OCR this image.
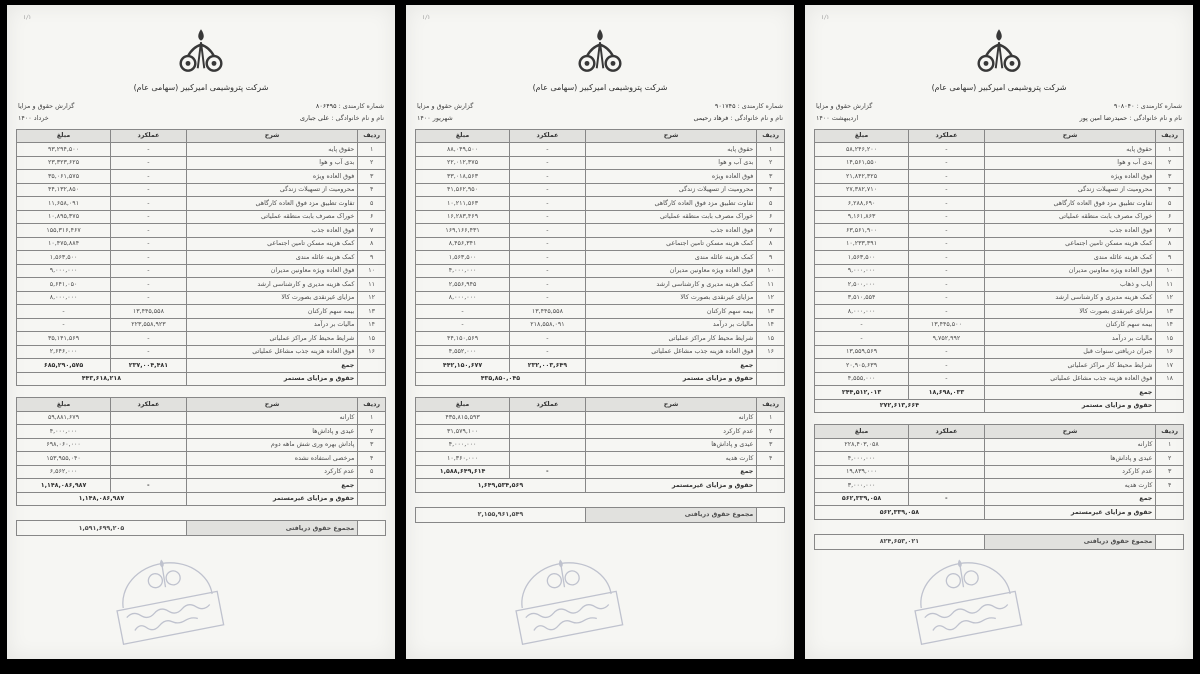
۱/۱
شرکت پتروشیمی امیرکبیر (سهامی عام)
شماره کارمندی : ۸۰۶۴۹۵
نام و نام خانوادگی : علی جباری
گزارش حقوق و مزایا
خرداد ۱۴۰۰
ردیف	شرح	عملکرد	مبلغ
۱	حقوق پایه	-	۹۳,۲۹۴,۵۰۰
۲	بدی آب و هوا	-	۲۳,۳۲۳,۶۲۵
۳	فوق العاده ویژه	-	۳۵,۰۶۱,۵۷۵
۴	محرومیت از تسهیلات زندگی	-	۴۴,۱۳۲,۸۵۰
۵	تفاوت تطبیق مزد فوق العاده کارگاهی	-	۱۱,۶۵۸,۰۹۱
۶	خوراک مصرف بابت منطقه عملیاتی	-	۱۰,۸۹۵,۳۷۵
۷	فوق العاده جذب	-	۱۵۵,۳۱۶,۴۶۷
۸	کمک هزینه مسکن تامین اجتماعی	-	۱۰,۴۷۵,۸۸۴
۹	کمک هزینه عائله مندی	-	۱,۵۶۳,۵۰۰
۱۰	فوق العاده ویژه معاونین مدیران	-	۹,۰۰۰,۰۰۰
۱۱	کمک هزینه مدیری و کارشناسی ارشد	-	۵,۶۴۱,۰۵۰
۱۲	مزایای غیرنقدی بصورت کالا	-	۸,۰۰۰,۰۰۰
۱۳	بیمه سهم کارکنان	۱۳,۴۴۵,۵۵۸	-
۱۴	مالیات بر درآمد	۲۲۳,۵۵۸,۹۲۳	-
۱۵	شرایط محیط کار مراکز عملیاتی	-	۳۵,۱۴۱,۵۶۹
۱۶	فوق العاده هزینه جذب مشاغل عملیاتی	-	۲,۶۴۶,۰۰۰
	جمع	۲۳۷,۰۰۴,۴۸۱	۶۸۵,۲۹۰,۵۷۵
	حقوق و مزایای مستمر	۴۴۳,۶۱۸,۲۱۸	
ردیف	شرح	عملکرد	مبلغ
۱	کارانه		۵۹,۸۸۱,۶۷۹
۲	عیدی و پاداش‌ها		۴,۰۰۰,۰۰۰
۳	پاداش بهره وری شش ماهه دوم		۶۹۸,۰۶۰,۰۰۰
۴	مرخصی استفاده نشده		۱۵۳,۹۵۵,۰۴۰
۵	عدم کارکرد		۶,۵۶۲,۰۰۰
	جمع	-	۱,۱۴۸,۰۸۶,۹۸۷
	حقوق و مزایای غیرمستمر	۱,۱۴۸,۰۸۶,۹۸۷	
	مجموع حقوق دریافتی	۱,۵۹۱,۶۹۹,۲۰۵
۱/۱
شرکت پتروشیمی امیرکبیر (سهامی عام)
شماره کارمندی : ۹۰۱۷۴۵
نام و نام خانوادگی : فرهاد رحیمی
گزارش حقوق و مزایا
شهریور ۱۴۰۰
ردیف	شرح	عملکرد	مبلغ
۱	حقوق پایه	-	۸۸,۰۴۹,۵۰۰
۲	بدی آب و هوا	-	۲۲,۰۱۲,۳۷۵
۳	فوق العاده ویژه	-	۳۳,۰۱۸,۵۶۳
۴	محرومیت از تسهیلات زندگی	-	۴۱,۵۶۲,۹۵۰
۵	تفاوت تطبیق مزد فوق العاده کارگاهی	-	۱۰,۲۱۱,۵۶۳
۶	خوراک مصرف بابت منطقه عملیاتی	-	۱۶,۲۸۳,۴۶۹
۷	فوق العاده جذب	-	۱۶۹,۱۶۶,۴۳۱
۸	کمک هزینه مسکن تامین اجتماعی	-	۸,۴۵۶,۳۴۱
۹	کمک هزینه عائله مندی	-	۱,۵۶۳,۵۰۰
۱۰	فوق العاده ویژه معاونین مدیران	-	۴,۰۰۰,۰۰۰
۱۱	کمک هزینه مدیری و کارشناسی ارشد	-	۲,۵۵۶,۹۴۵
۱۲	مزایای غیرنقدی بصورت کالا	-	۸,۰۰۰,۰۰۰
۱۳	بیمه سهم کارکنان	۱۳,۴۴۵,۵۵۸	-
۱۴	مالیات بر درآمد	۲۱۸,۵۵۸,۰۹۱	-
۱۵	شرایط محیط کار مراکز عملیاتی	-	۴۴,۱۵۰,۵۶۹
۱۶	فوق العاده هزینه جذب مشاغل عملیاتی	-	۴,۵۵۲,۰۰۰
	جمع	۲۳۲,۰۰۳,۶۴۹	۴۴۲,۱۵۰,۶۷۷
	حقوق و مزایای مستمر	۴۳۵,۸۵۰,۰۴۵	
ردیف	شرح	عملکرد	مبلغ
۱	کارانه		۴۳۵,۸۱۵,۵۹۳
۲	عدم کارکرد		۳۱,۵۷۹,۱۰۰
۳	عیدی و پاداش‌ها		۴,۰۰۰,۰۰۰
۴	کارت هدیه		۱۰,۳۶۰,۰۰۰
	جمع	-	۱,۵۸۸,۶۴۹,۶۱۴
	حقوق و مزایای غیرمستمر	۱,۶۴۹,۵۳۴,۵۶۹	
	مجموع حقوق دریافتی	۲,۱۵۵,۹۶۱,۵۴۹
۱/۱
شرکت پتروشیمی امیرکبیر (سهامی عام)
شماره کارمندی : ۹۰۸۰۴۰
نام و نام خانوادگی : حمیدرضا امین پور
گزارش حقوق و مزایا
اردیبهشت ۱۴۰۰
ردیف	شرح	عملکرد	مبلغ
۱	حقوق پایه	-	۵۸,۲۴۶,۲۰۰
۲	بدی آب و هوا	-	۱۴,۵۶۱,۵۵۰
۳	فوق العاده ویژه	-	۲۱,۸۴۲,۳۲۵
۴	محرومیت از تسهیلات زندگی	-	۲۷,۳۸۲,۷۱۰
۵	تفاوت تطبیق مزد فوق العاده کارگاهی	-	۶,۲۸۸,۶۹۰
۶	خوراک مصرف بابت منطقه عملیاتی	-	۹,۱۶۱,۸۶۳
۷	فوق العاده جذب	-	۶۳,۵۶۱,۹۰۰
۸	کمک هزینه مسکن تامین اجتماعی	-	۱۰,۲۳۳,۳۹۱
۹	کمک هزینه عائله مندی	-	۱,۵۶۳,۵۰۰
۱۰	فوق العاده ویژه معاونین مدیران	-	۹,۰۰۰,۰۰۰
۱۱	ایاب و ذهاب	-	۲,۵۰۰,۰۰۰
۱۲	کمک هزینه مدیری و کارشناسی ارشد	-	۳,۵۱۰,۵۵۴
۱۳	مزایای غیرنقدی بصورت کالا	-	۸,۰۰۰,۰۰۰
۱۴	بیمه سهم کارکنان	۱۳,۴۴۵,۵۰۰	-
۱۵	مالیات بر درآمد	۹,۷۵۲,۹۹۲	-
۱۶	جبران دریافتی سنوات قبل	-	۱۳,۵۵۹,۵۶۹
۱۷	شرایط محیط کار مراکز عملیاتی	-	۲۰,۹۰۵,۶۳۹
۱۸	فوق العاده هزینه جذب مشاغل عملیاتی	-	۴,۵۵۵,۰۰۰
	جمع	۱۸,۶۹۸,۰۳۳	۲۴۴,۵۱۲,۰۱۳
	حقوق و مزایای مستمر	۲۷۲,۶۱۳,۶۶۴	
ردیف	شرح	عملکرد	مبلغ
۱	کارانه		۲۲۸,۴۰۳,۰۵۸
۲	عیدی و پاداش‌ها		۴,۰۰۰,۰۰۰
۳	عدم کارکرد		۱۹,۸۳۹,۰۰۰
۴	کارت هدیه		۳,۰۰۰,۰۰۰
	جمع	-	۵۶۲,۳۳۹,۰۵۸
	حقوق و مزایای غیرمستمر	۵۶۲,۳۳۹,۰۵۸	
	مجموع حقوق دریافتی	۸۲۴,۶۵۳,۰۲۱
